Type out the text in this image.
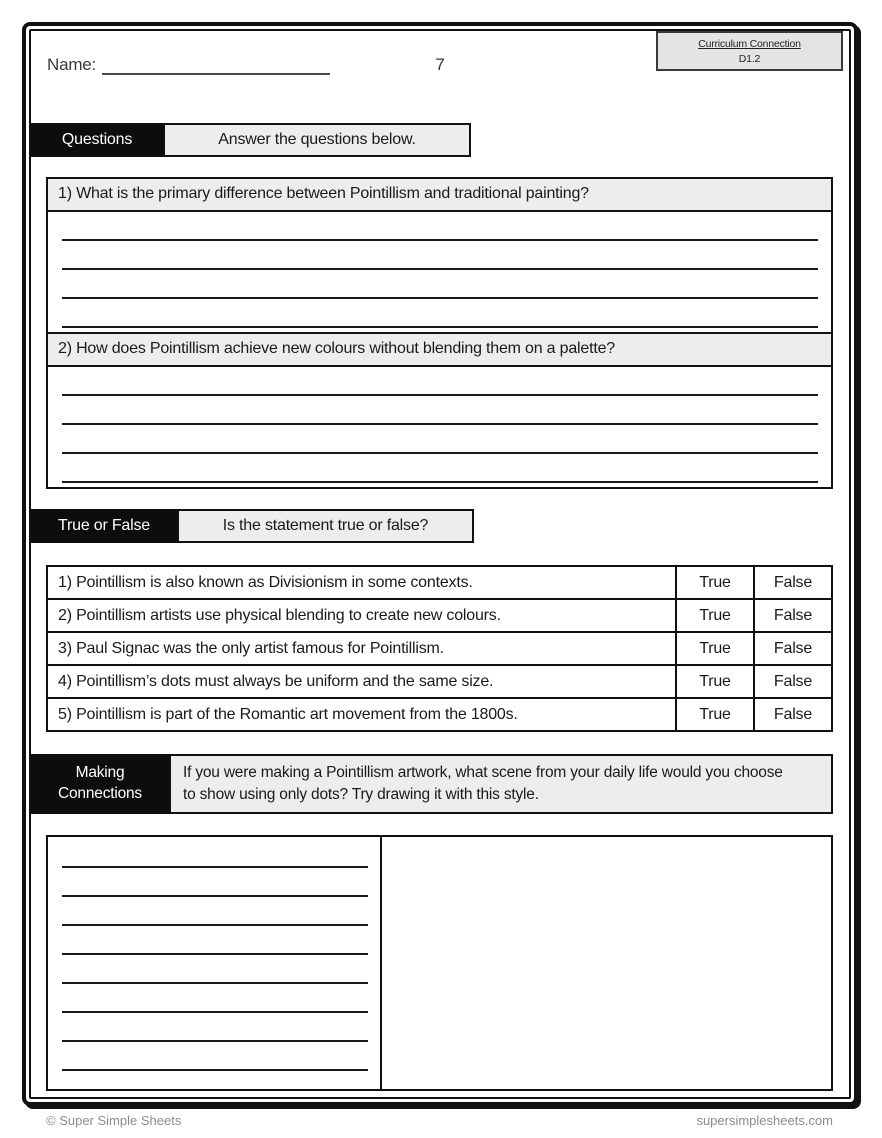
Name:	7
Curriculum Connection
D1.2
Questions	Answer the questions below.
1) What is the primary difference between Pointillism and traditional painting?
2) How does Pointillism achieve new colours without blending them on a palette?
True or False	Is the statement true or false?
1) Pointillism is also known as Divisionism in some contexts.	True	False
2) Pointillism artists use physical blending to create new colours.	True	False
3) Paul Signac was the only artist famous for Pointillism.	True	False
4) Pointillism’s dots must always be uniform and the same size.	True	False
5) Pointillism is part of the Romantic art movement from the 1800s.	True	False
Making Connections
If you were making a Pointillism artwork, what scene from your daily life would you choose to show using only dots? Try drawing it with this style.
© Super Simple Sheets	supersimplesheets.com
